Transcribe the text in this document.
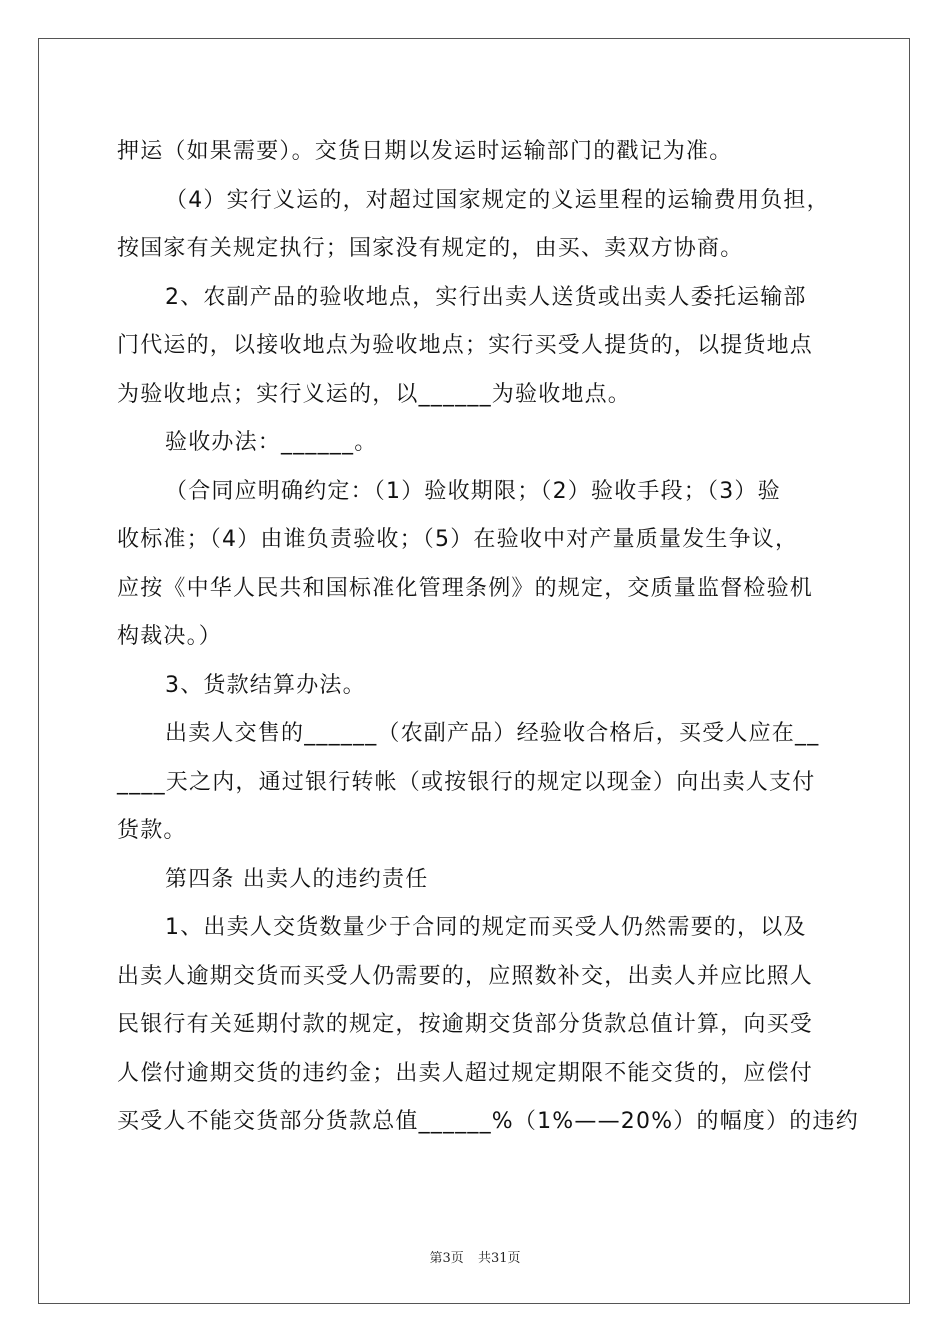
押运（如果需要）。交货日期以发运时运输部门的戳记为准。
（4）实行义运的，对超过国家规定的义运里程的运输费用负担，
按国家有关规定执行；国家没有规定的，由买、卖双方协商。
2、农副产品的验收地点，实行出卖人送货或出卖人委托运输部
门代运的，以接收地点为验收地点；实行买受人提货的，以提货地点
为验收地点；实行义运的，以______为验收地点。
验收办法：______。
（合同应明确约定：（1）验收期限；（2）验收手段；（3）验
收标准；（4）由谁负责验收；（5）在验收中对产量质量发生争议，
应按《中华人民共和国标准化管理条例》的规定，交质量监督检验机
构裁决。）
3、货款结算办法。
出卖人交售的______（农副产品）经验收合格后，买受人应在__
____天之内，通过银行转帐（或按银行的规定以现金）向出卖人支付
货款。
第四条 出卖人的违约责任
1、出卖人交货数量少于合同的规定而买受人仍然需要的，以及
出卖人逾期交货而买受人仍需要的，应照数补交，出卖人并应比照人
民银行有关延期付款的规定，按逾期交货部分货款总值计算，向买受
人偿付逾期交货的违约金；出卖人超过规定期限不能交货的，应偿付
买受人不能交货部分货款总值______%（1%——20%）的幅度）的违约
第3页 共31页
